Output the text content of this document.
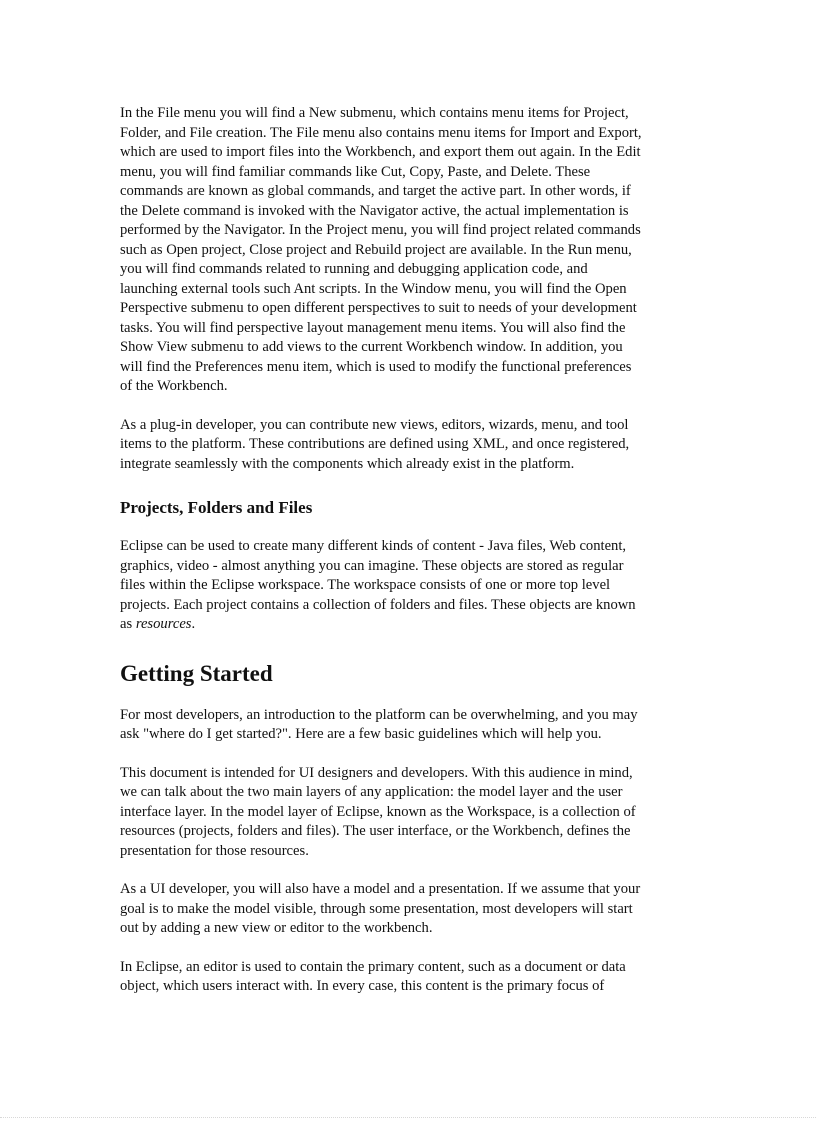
In the File menu you will find a New submenu, which contains menu items for Project,
Folder, and File creation. The File menu also contains menu items for Import and Export,
which are used to import files into the Workbench, and export them out again. In the Edit
menu, you will find familiar commands like Cut, Copy, Paste, and Delete. These
commands are known as global commands, and target the active part. In other words, if
the Delete command is invoked with the Navigator active, the actual implementation is
performed by the Navigator. In the Project menu, you will find project related commands
such as Open project, Close project and Rebuild project are available. In the Run menu,
you will find commands related to running and debugging application code, and
launching external tools such Ant scripts. In the Window menu, you will find the Open
Perspective submenu to open different perspectives to suit to needs of your development
tasks. You will find perspective layout management menu items. You will also find the
Show View submenu to add views to the current Workbench window. In addition, you
will find the Preferences menu item, which is used to modify the functional preferences
of the Workbench.

As a plug-in developer, you can contribute new views, editors, wizards, menu, and tool
items to the platform. These contributions are defined using XML, and once registered,
integrate seamlessly with the components which already exist in the platform.

Projects, Folders and Files

Eclipse can be used to create many different kinds of content - Java files, Web content,
graphics, video - almost anything you can imagine. These objects are stored as regular
files within the Eclipse workspace. The workspace consists of one or more top level
projects. Each project contains a collection of folders and files. These objects are known
as resources.

Getting Started

For most developers, an introduction to the platform can be overwhelming, and you may
ask "where do I get started?". Here are a few basic guidelines which will help you.

This document is intended for UI designers and developers. With this audience in mind,
we can talk about the two main layers of any application: the model layer and the user
interface layer. In the model layer of Eclipse, known as the Workspace, is a collection of
resources (projects, folders and files). The user interface, or the Workbench, defines the
presentation for those resources.

As a UI developer, you will also have a model and a presentation. If we assume that your
goal is to make the model visible, through some presentation, most developers will start
out by adding a new view or editor to the workbench.

In Eclipse, an editor is used to contain the primary content, such as a document or data
object, which users interact with. In every case, this content is the primary focus of
